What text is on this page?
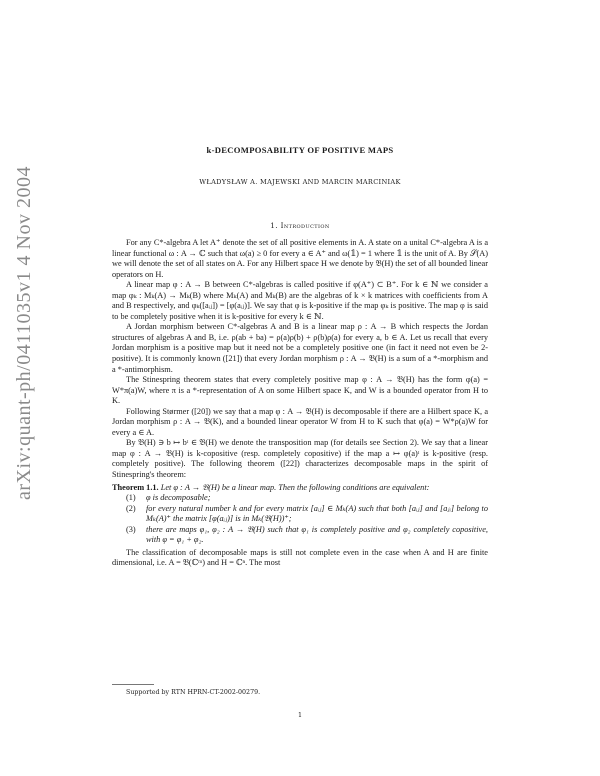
arXiv:quant-ph/0411035v1 4 Nov 2004
k-DECOMPOSABILITY OF POSITIVE MAPS
WŁADYSŁAW A. MAJEWSKI AND MARCIN MARCINIAK
1. Introduction

For any C*-algebra A let A⁺ denote the set of all positive elements in A. A state on a unital C*-algebra A is a linear functional ω : A → ℂ such that ω(a) ≥ 0 for every a ∈ A⁺ and ω(𝟙) = 1 where 𝟙 is the unit of A. By 𝒮(A) we will denote the set of all states on A. For any Hilbert space H we denote by 𝔅(H) the set of all bounded linear operators on H.

A linear map φ : A → B between C*-algebras is called positive if φ(A⁺) ⊂ B⁺. For k ∈ ℕ we consider a map φₖ : Mₖ(A) → Mₖ(B) where Mₖ(A) and Mₖ(B) are the algebras of k × k matrices with coefficients from A and B respectively, and φₖ([aᵢⱼ]) = [φ(aᵢⱼ)]. We say that φ is k-positive if the map φₖ is positive. The map φ is said to be completely positive when it is k-positive for every k ∈ ℕ.

A Jordan morphism between C*-algebras A and B is a linear map ρ : A → B which respects the Jordan structures of algebras A and B, i.e. ρ(ab + ba) = ρ(a)ρ(b) + ρ(b)ρ(a) for every a, b ∈ A. Let us recall that every Jordan morphism is a positive map but it need not be a completely positive one (in fact it need not even be 2-positive). It is commonly known ([21]) that every Jordan morphism ρ : A → 𝔅(H) is a sum of a *-morphism and a *-antimorphism.

The Stinespring theorem states that every completely positive map φ : A → 𝔅(H) has the form φ(a) = W*π(a)W, where π is a *-representation of A on some Hilbert space K, and W is a bounded operator from H to K.

Following Størmer ([20]) we say that a map φ : A → 𝔅(H) is decomposable if there are a Hilbert space K, a Jordan morphism ρ : A → 𝔅(K), and a bounded linear operator W from H to K such that φ(a) = W*ρ(a)W for every a ∈ A.

By 𝔅(H) ∋ b ↦ bᵗ ∈ 𝔅(H) we denote the transposition map (for details see Section 2). We say that a linear map φ : A → 𝔅(H) is k-copositive (resp. completely copositive) if the map a ↦ φ(a)ᵗ is k-positive (resp. completely positive). The following theorem ([22]) characterizes decomposable maps in the spirit of Stinespring's theorem:

Theorem 1.1. Let φ : A → 𝔅(H) be a linear map. Then the following conditions are equivalent:

(1) φ is decomposable;
(2) for every natural number k and for every matrix [aᵢⱼ] ∈ Mₖ(A) such that both [aᵢⱼ] and [aⱼᵢ] belong to Mₖ(A)⁺ the matrix [φ(aᵢⱼ)] is in Mₖ(𝔅(H))⁺;
(3) there are maps φ₁, φ₂ : A → 𝔅(H) such that φ₁ is completely positive and φ₂ completely copositive, with φ = φ₁ + φ₂.

The classification of decomposable maps is still not complete even in the case when A and H are finite dimensional, i.e. A = 𝔅(ℂᵐ) and H = ℂⁿ. The most

Supported by RTN HPRN-CT-2002-00279.
1
